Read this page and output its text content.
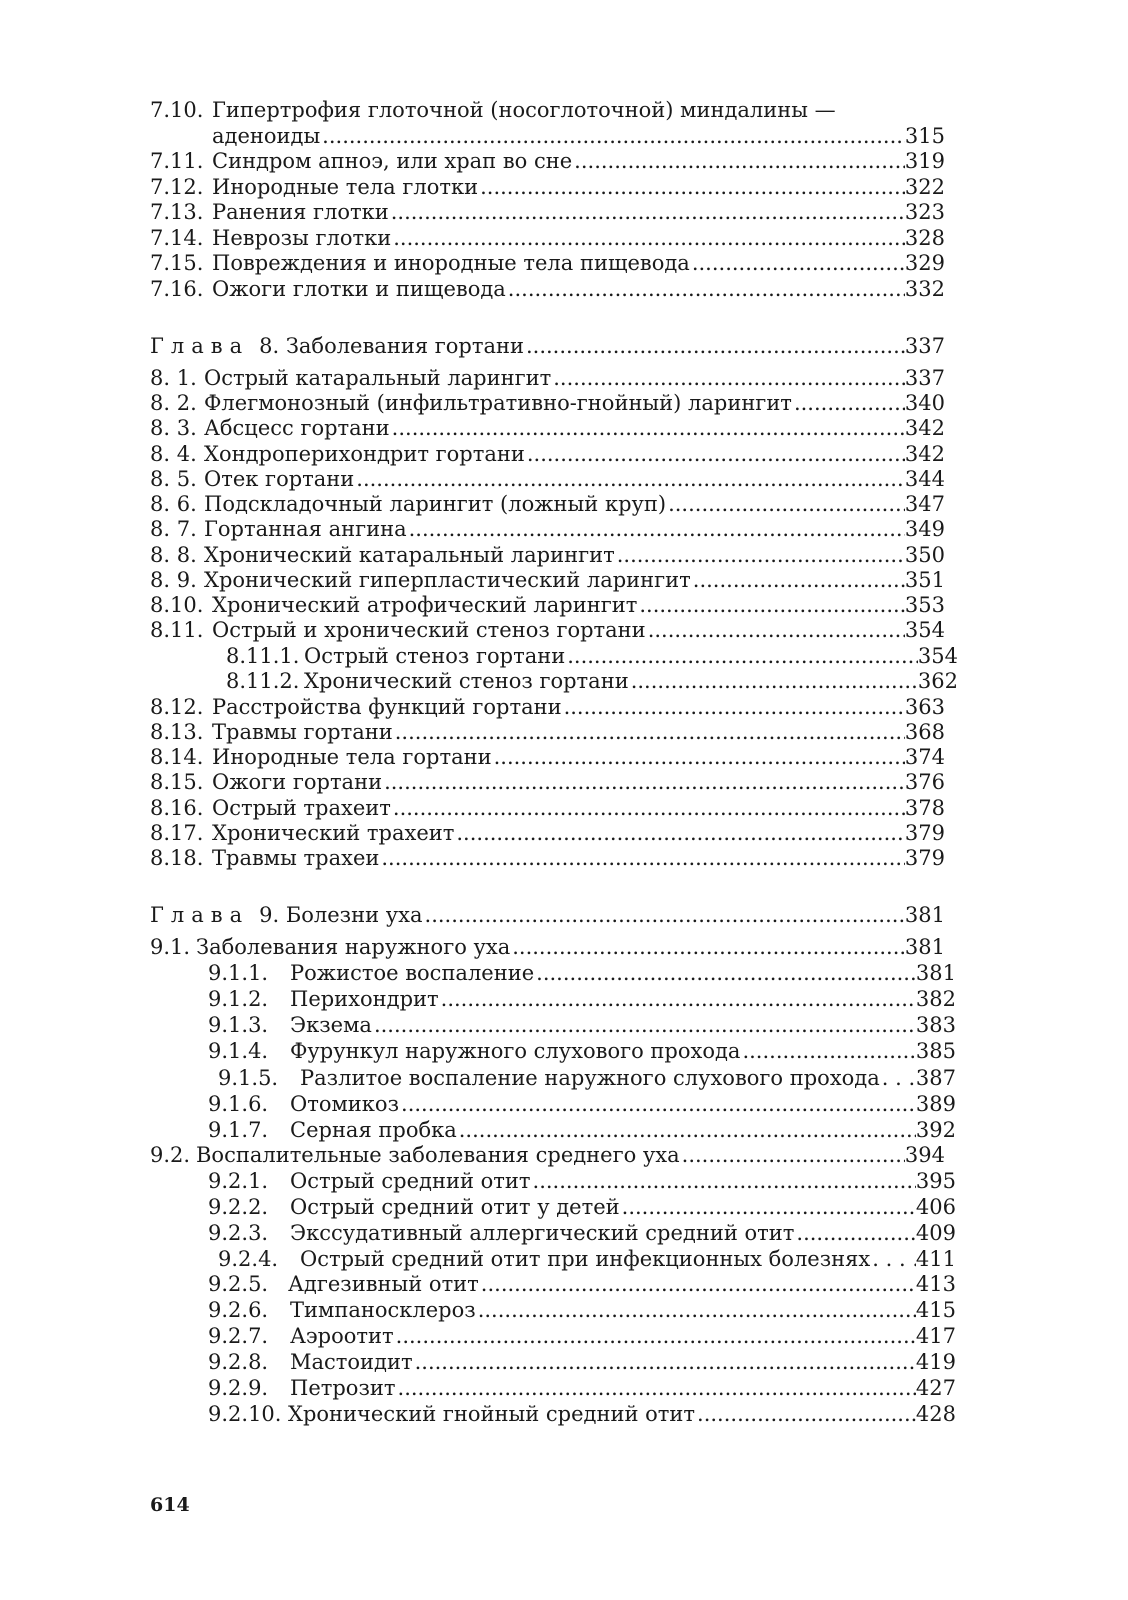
7.10. Гипертрофия глоточной (носоглоточной) миндалины —
аденоиды .....	315
7.11. Синдром апноэ, или храп во сне .....	319
7.12. Инородные тела глотки .....	322
7.13. Ранения глотки .....	323
7.14. Неврозы глотки .....	328
7.15. Повреждения и инородные тела пищевода .....	329
7.16. Ожоги глотки и пищевода .....	332
Глава 8. Заболевания гортани .....	337
8. 1. Острый катаральный ларингит .....	337
8. 2. Флегмонозный (инфильтративно-гнойный) ларингит .....	340
8. 3. Абсцесс гортани .....	342
8. 4. Хондроперихондрит гортани .....	342
8. 5. Отек гортани .....	344
8. 6. Подскладочный ларингит (ложный круп) .....	347
8. 7. Гортанная ангина .....	349
8. 8. Хронический катаральный ларингит .....	350
8. 9. Хронический гиперпластический ларингит .....	351
8.10. Хронический атрофический ларингит .....	353
8.11. Острый и хронический стеноз гортани .....	354
8.11.1. Острый стеноз гортани .....	354
8.11.2. Хронический стеноз гортани .....	362
8.12. Расстройства функций гортани .....	363
8.13. Травмы гортани .....	368
8.14. Инородные тела гортани .....	374
8.15. Ожоги гортани .....	376
8.16. Острый трахеит .....	378
8.17. Хронический трахеит .....	379
8.18. Травмы трахеи .....	379
Глава 9. Болезни уха .....	381
9.1. Заболевания наружного уха .....	381
9.1.1.	Рожистое воспаление .....	381
9.1.2.	Перихондрит .....	382
9.1.3.	Экзема .....	383
9.1.4.	Фурункул наружного слухового прохода .....	385
9.1.5.	Разлитое воспаление наружного слухового прохода . . . 387
9.1.6.	Отомикоз .....	389
9.1.7.	Серная пробка .....	392
9.2. Воспалительные заболевания среднего уха .....	394
9.2.1.	Острый средний отит .....	395
9.2.2.	Острый средний отит у детей .....	406
9.2.3.	Экссудативный аллергический средний отит .....	409
9.2.4.	Острый средний отит при инфекционных болезнях . . . 411
9.2.5. Адгезивный отит .....	413
9.2.6.	Тимпаносклероз .....	415
9.2.7.	Аэроотит .....	417
9.2.8.	Мастоидит .....	419
9.2.9.	Петрозит .....	427
9.2.10. Хронический гнойный средний отит .....	428
614
